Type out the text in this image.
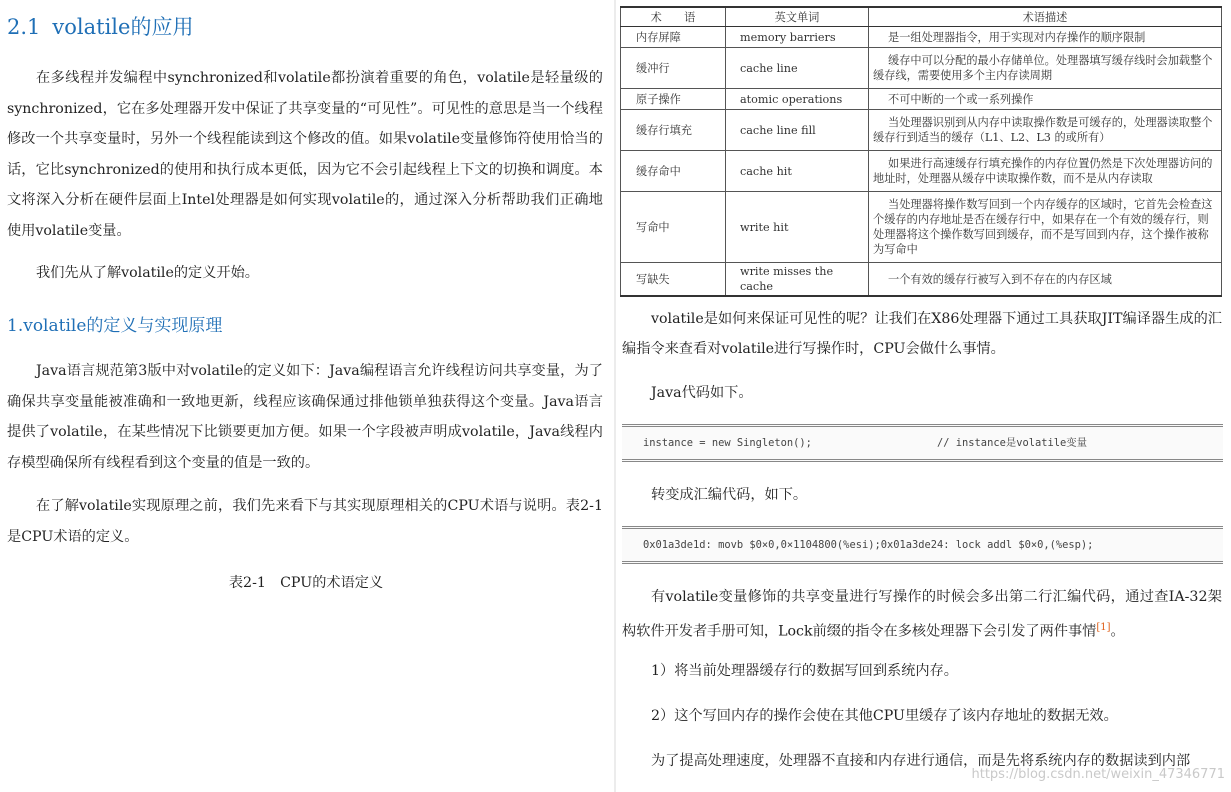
2.1 volatile的应用
在多线程并发编程中synchronized和volatile都扮演着重要的角色，volatile是轻量级的synchronized，它在多处理器开发中保证了共享变量的“可见性”。可见性的意思是当一个线程修改一个共享变量时，另外一个线程能读到这个修改的值。如果volatile变量修饰符使用恰当的话，它比synchronized的使用和执行成本更低，因为它不会引起线程上下文的切换和调度。本文将深入分析在硬件层面上Intel处理器是如何实现volatile的，通过深入分析帮助我们正确地使用volatile变量。
我们先从了解volatile的定义开始。
1.volatile的定义与实现原理
Java语言规范第3版中对volatile的定义如下：Java编程语言允许线程访问共享变量，为了确保共享变量能被准确和一致地更新，线程应该确保通过排他锁单独获得这个变量。Java语言提供了volatile，在某些情况下比锁要更加方便。如果一个字段被声明成volatile，Java线程内存模型确保所有线程看到这个变量的值是一致的。
在了解volatile实现原理之前，我们先来看下与其实现原理相关的CPU术语与说明。表2-1是CPU术语的定义。
表2-1　CPU的术语定义
术　　语	英文单词	术语描述
内存屏障	memory barriers	是一组处理器指令，用于实现对内存操作的顺序限制
缓冲行	cache line	缓存中可以分配的最小存储单位。处理器填写缓存线时会加载整个缓存线，需要使用多个主内存读周期
原子操作	atomic operations	不可中断的一个或一系列操作
缓存行填充	cache line fill	当处理器识别到从内存中读取操作数是可缓存的，处理器读取整个缓存行到适当的缓存（L1、L2、L3 的或所有）
缓存命中	cache hit	如果进行高速缓存行填充操作的内存位置仍然是下次处理器访问的地址时，处理器从缓存中读取操作数，而不是从内存读取
写命中	write hit	当处理器将操作数写回到一个内存缓存的区域时，它首先会检查这个缓存的内存地址是否在缓存行中，如果存在一个有效的缓存行，则处理器将这个操作数写回到缓存，而不是写回到内存，这个操作被称为写命中
写缺失	write misses the cache	一个有效的缓存行被写入到不存在的内存区域
volatile是如何来保证可见性的呢？让我们在X86处理器下通过工具获取JIT编译器生成的汇编指令来查看对volatile进行写操作时，CPU会做什么事情。
Java代码如下。
instance = new Singleton();                    // instance是volatile变量
转变成汇编代码，如下。
0x01a3de1d: movb $0×0,0×1104800(%esi);0x01a3de24: lock addl $0×0,(%esp);
有volatile变量修饰的共享变量进行写操作的时候会多出第二行汇编代码，通过查IA-32架构软件开发者手册可知，Lock前缀的指令在多核处理器下会引发了两件事情[1]。
1）将当前处理器缓存行的数据写回到系统内存。
2）这个写回内存的操作会使在其他CPU里缓存了该内存地址的数据无效。
为了提高处理速度，处理器不直接和内存进行通信，而是先将系统内存的数据读到内部
https://blog.csdn.net/weixin_47346771
